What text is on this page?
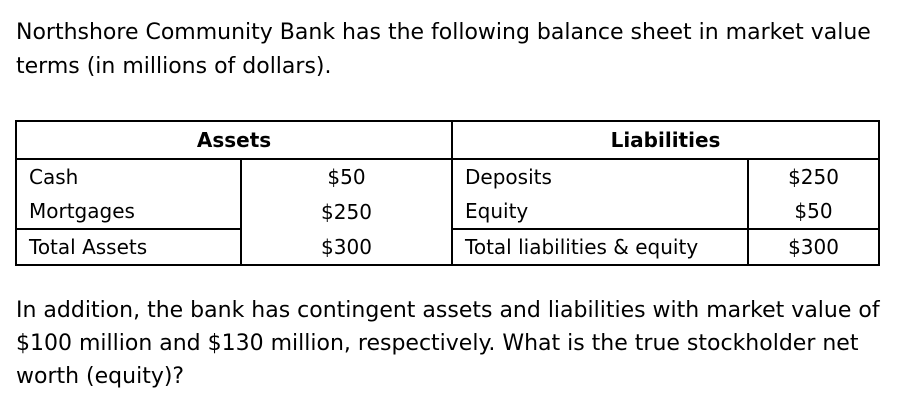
Northshore Community Bank has the following balance sheet in market value terms (in millions of dollars).

Assets		Liabilities	
Cash	$50	Deposits	$250
Mortgages	$250	Equity	$50
Total Assets	$300	Total liabilities & equity	$300

In addition, the bank has contingent assets and liabilities with market value of $100 million and $130 million, respectively. What is the true stockholder net worth (equity)?
